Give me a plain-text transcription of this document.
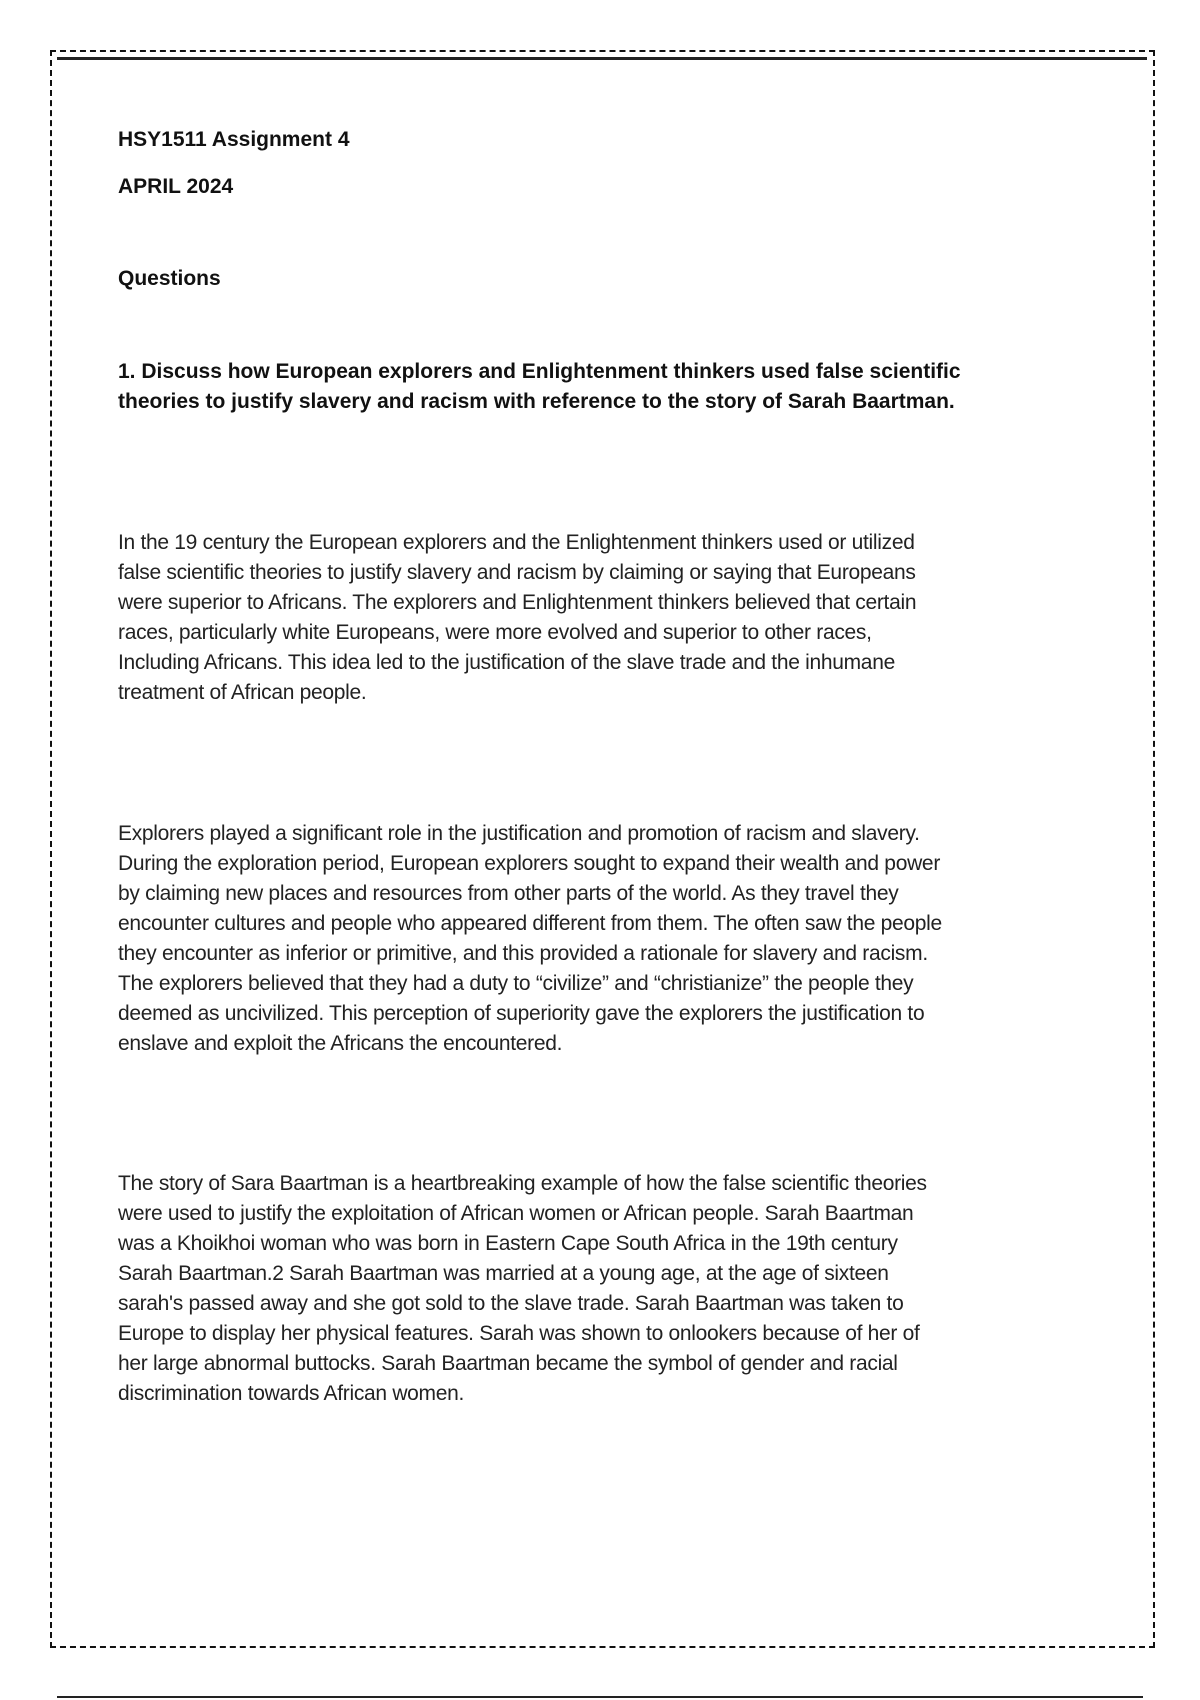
HSY1511 Assignment 4
APRIL 2024
Questions
1. Discuss how European explorers and Enlightenment thinkers used false scientific
theories to justify slavery and racism with reference to the story of Sarah Baartman.
In the 19 century the European explorers and the Enlightenment thinkers used or utilized
false scientific theories to justify slavery and racism by claiming or saying that Europeans
were superior to Africans. The explorers and Enlightenment thinkers believed that certain
races, particularly white Europeans, were more evolved and superior to other races,
Including Africans. This idea led to the justification of the slave trade and the inhumane
treatment of African people.
Explorers played a significant role in the justification and promotion of racism and slavery.
During the exploration period, European explorers sought to expand their wealth and power
by claiming new places and resources from other parts of the world. As they travel they
encounter cultures and people who appeared different from them. The often saw the people
they encounter as inferior or primitive, and this provided a rationale for slavery and racism.
The explorers believed that they had a duty to “civilize” and “christianize” the people they
deemed as uncivilized. This perception of superiority gave the explorers the justification to
enslave and exploit the Africans the encountered.
The story of Sara Baartman is a heartbreaking example of how the false scientific theories
were used to justify the exploitation of African women or African people. Sarah Baartman
was a Khoikhoi woman who was born in Eastern Cape South Africa in the 19th century
Sarah Baartman.2 Sarah Baartman was married at a young age, at the age of sixteen
sarah's passed away and she got sold to the slave trade. Sarah Baartman was taken to
Europe to display her physical features. Sarah was shown to onlookers because of her of
her large abnormal buttocks. Sarah Baartman became the symbol of gender and racial
discrimination towards African women.
